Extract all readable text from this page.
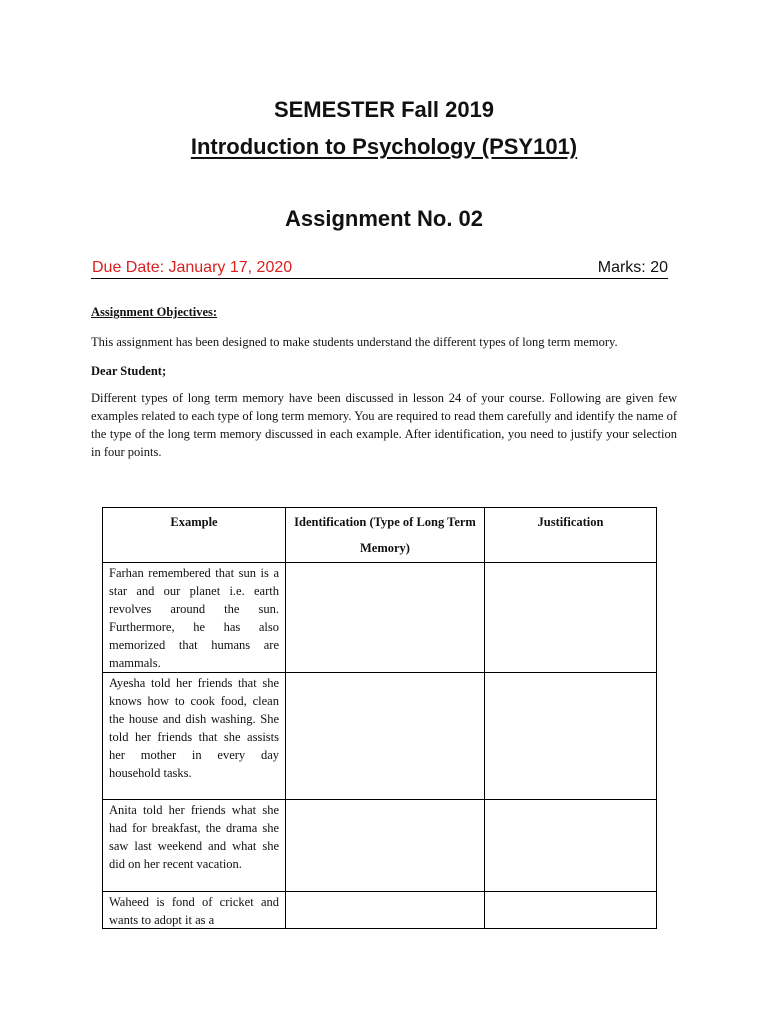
SEMESTER Fall 2019
Introduction to Psychology (PSY101)
Assignment No. 02
Due Date: January 17, 2020	Marks: 20
Assignment Objectives:

This assignment has been designed to make students understand the different types of long term memory.

Dear Student;

Different types of long term memory have been discussed in lesson 24 of your course. Following are given few examples related to each type of long term memory. You are required to read them carefully and identify the name of the type of the long term memory discussed in each example. After identification, you need to justify your selection in four points.

Example	Identification (Type of Long Term Memory)	Justification
Farhan remembered that sun is a star and our planet i.e. earth revolves around the sun. Furthermore, he has also memorized that humans are mammals.		
Ayesha told her friends that she knows how to cook food, clean the house and dish washing. She told her friends that she assists her mother in every day household tasks.		
Anita told her friends what she had for breakfast, the drama she saw last weekend and what she did on her recent vacation.		

Waheed is fond of cricket and wants to adopt it as a		
